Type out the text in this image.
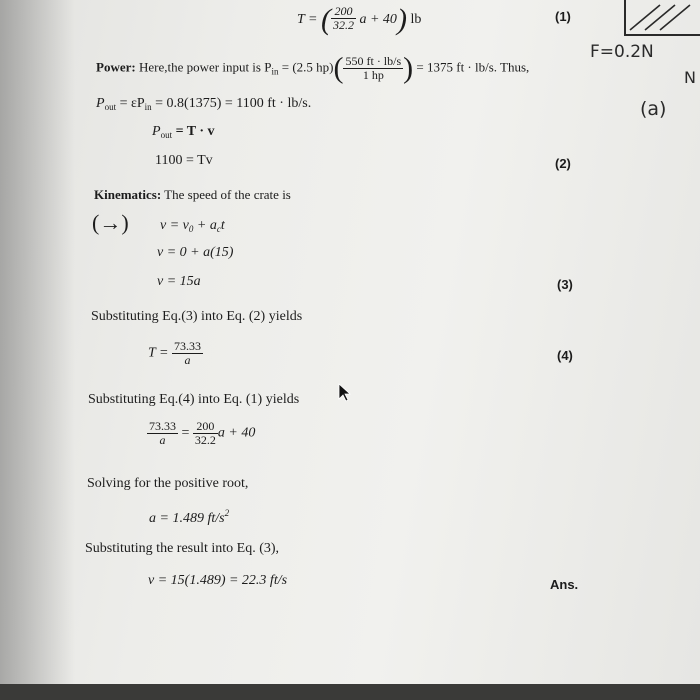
F=0.2N
N
(a)
T = ( $\frac{200}{32.2}$ a + 40) lb	(1)
Power: Here,the power input is $P_{in} = (2.5$ $hp)( \frac{550 ft \cdot lb/s}{1 hp}$ ) = 1375 ft · lb/s. Thus,
$P_{out} = \varepsilon P_{in} = 0.8(1375) = 1100$ ft · lb/s.
$P_{out} = T \cdot v$
1100 = Tv	(2)
Kinematics: The speed of the crate is
(→) $v = v_0 + a_ct$
v = 0 + a(15)
v = 15a	(3)
Substituting Eq.(3) into Eq. (2) yields
$T = \frac{73.33}{a}$	(4)
Substituting Eq.(4) into Eq. (1) yields
$\frac{73.33}{a} = \frac{200}{32.2}$ a + 40
Solving for the positive root,
a = 1.489 $ft/s^2$
Substituting the result into Eq. (3),
v = 15(1.489) = 22.3 ft/s	Ans.
